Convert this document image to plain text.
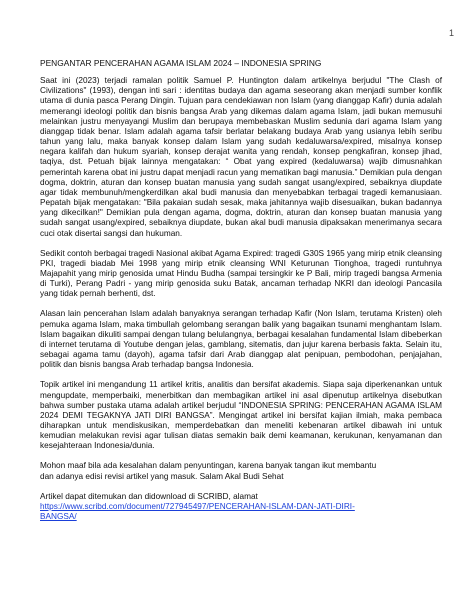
1

PENGANTAR PENCERAHAN AGAMA ISLAM 2024 – INDONESIA SPRING

Saat ini (2023) terjadi ramalan politik Samuel P. Huntington dalam artikelnya berjudul "The Clash of Civilizations" (1993), dengan inti sari : identitas budaya dan agama seseorang akan menjadi sumber konflik utama di dunia pasca Perang Dingin. Tujuan para cendekiawan non Islam (yang dianggap Kafir) dunia adalah memerangi ideologi politik dan bisnis bangsa Arab yang dikemas dalam agama Islam, jadi bukan memusuhi melainkan justru menyayangi Muslim dan berupaya membebaskan Muslim sedunia dari agama Islam yang dianggap tidak benar. Islam adalah agama tafsir berlatar belakang budaya Arab yang usianya lebih seribu tahun yang lalu, maka banyak konsep dalam Islam yang sudah kedaluwarsa/expired, misalnya konsep negara kalifah dan hukum syariah, konsep derajat wanita yang rendah, konsep pengkafiran, konsep jihad, taqiya, dst. Petuah bijak lainnya mengatakan: “ Obat yang expired (kedaluwarsa) wajib dimusnahkan pemerintah karena obat ini justru dapat menjadi racun yang mematikan bagi manusia.” Demikian pula dengan dogma, doktrin, aturan dan konsep buatan manusia yang sudah sangat usang/expired, sebaiknya diupdate agar tidak membunuh/mengkerdilkan akal budi manusia dan menyebabkan terbagai tragedi kemanusiaan. Pepatah bijak mengatakan: "Bila pakaian sudah sesak, maka jahitannya wajib disesuaikan, bukan badannya yang dikecilkan!" Demikian pula dengan agama, dogma, doktrin, aturan dan konsep buatan manusia yang sudah sangat usang/expired, sebaiknya diupdate, bukan akal budi manusia dipaksakan menerimanya secara cuci otak disertai sangsi dan hukuman.

Sedikit contoh berbagai tragedi Nasional akibat Agama Expired: tragedi G30S 1965 yang mirip etnik cleansing PKI, tragedi biadab Mei 1998 yang mirip etnik cleansing WNI Keturunan Tionghoa, tragedi runtuhnya Majapahit yang mirip genosida umat Hindu Budha (sampai tersingkir ke P Bali, mirip tragedi bangsa Armenia di Turki), Perang Padri - yang mirip genosida suku Batak, ancaman terhadap NKRI dan ideologi Pancasila yang tidak pernah berhenti, dst.

Alasan lain pencerahan Islam adalah banyaknya serangan terhadap Kafir (Non Islam, terutama Kristen) oleh pemuka agama Islam, maka timbullah gelombang serangan balik yang bagaikan tsunami menghantam Islam. Islam bagaikan dikuliti sampai dengan tulang belulangnya, berbagai kesalahan fundamental Islam dibeberkan di internet terutama di Youtube dengan jelas, gamblang, sitematis, dan jujur karena berbasis fakta. Selain itu, sebagai agama tamu (dayoh), agama tafsir dari Arab dianggap alat penipuan, pembodohan, penjajahan, politik dan bisnis bangsa Arab terhadap bangsa Indonesia.

Topik artikel ini mengandung 11 artikel kritis, analitis dan bersifat akademis. Siapa saja diperkenankan untuk mengupdate, memperbaiki, menerbitkan dan membagikan artikel ini asal dipenutup artikelnya disebutkan bahwa sumber pustaka utama adalah artikel berjudul “INDONESIA SPRING: PENCERAHAN AGAMA ISLAM 2024 DEMI TEGAKNYA JATI DIRI BANGSA”. Mengingat artikel ini bersifat kajian ilmiah, maka pembaca diharapkan untuk mendiskusikan, memperdebatkan dan meneliti kebenaran artikel dibawah ini untuk kemudian melakukan revisi agar tulisan diatas semakin baik demi keamanan, kerukunan, kenyamanan dan kesejahteraan Indonesia/dunia.

Mohon maaf bila ada kesalahan dalam penyuntingan, karena banyak tangan ikut membantu
dan adanya edisi revisi artikel yang masuk. Salam Akal Budi Sehat
Artikel dapat ditemukan dan didownload di SCRIBD, alamat
https://www.scribd.com/document/727945497/PENCERAHAN-ISLAM-DAN-JATI-DIRI-
BANGSA/
